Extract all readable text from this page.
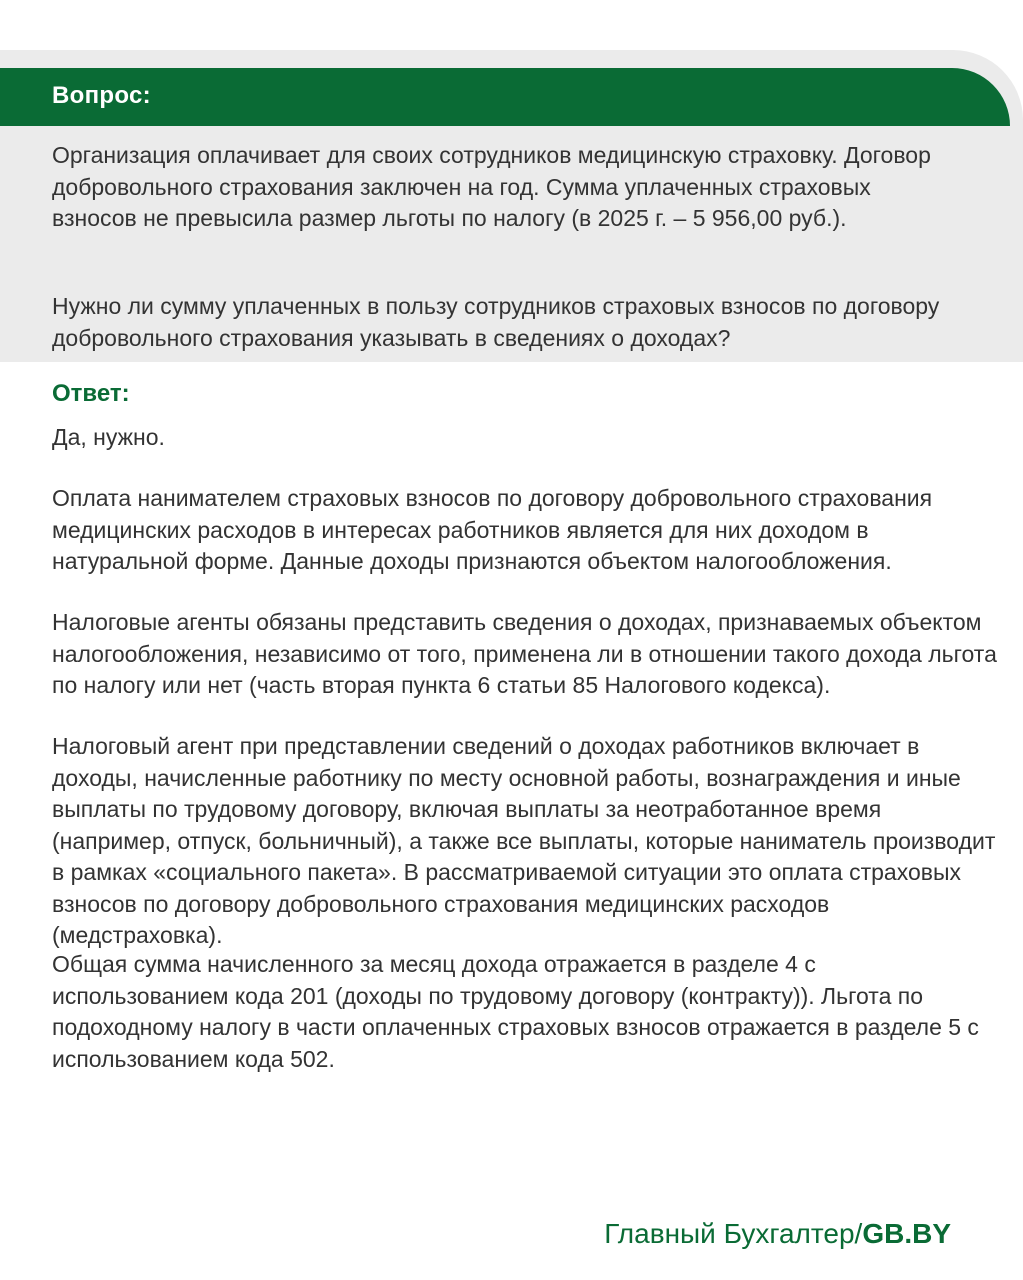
Вопрос:

Организация оплачивает для своих сотрудников медицинскую страховку. Договор добровольного страхования заключен на год. Сумма уплаченных страховых взносов не превысила размер льготы по налогу (в 2025 г. – 5 956,00 руб.).

Нужно ли сумму уплаченных в пользу сотрудников страховых взносов по договору добровольного страхования указывать в сведениях о доходах?

Ответ:

Да, нужно.

Оплата нанимателем страховых взносов по договору добровольного страхования медицинских расходов в интересах работников является для них доходом в натуральной форме. Данные доходы признаются объектом налогообложения.

Налоговые агенты обязаны представить сведения о доходах, признаваемых объектом налогообложения, независимо от того, применена ли в отношении такого дохода льгота по налогу или нет (часть вторая пункта 6 статьи 85 Налогового кодекса).

Налоговый агент при представлении сведений о доходах работников включает в доходы, начисленные работнику по месту основной работы, вознаграждения и иные выплаты по трудовому договору, включая выплаты за неотработанное время (например, отпуск, больничный), а также все выплаты, которые наниматель производит в рамках «социального пакета». В рассматриваемой ситуации это оплата страховых взносов по договору добровольного страхования медицинских расходов (медстраховка).

Общая сумма начисленного за месяц дохода отражается в разделе 4 с использованием кода 201 (доходы по трудовому договору (контракту)). Льгота по подоходному налогу в части оплаченных страховых взносов отражается в разделе 5 с использованием кода 502.

Главный Бухгалтер/GB.BY
